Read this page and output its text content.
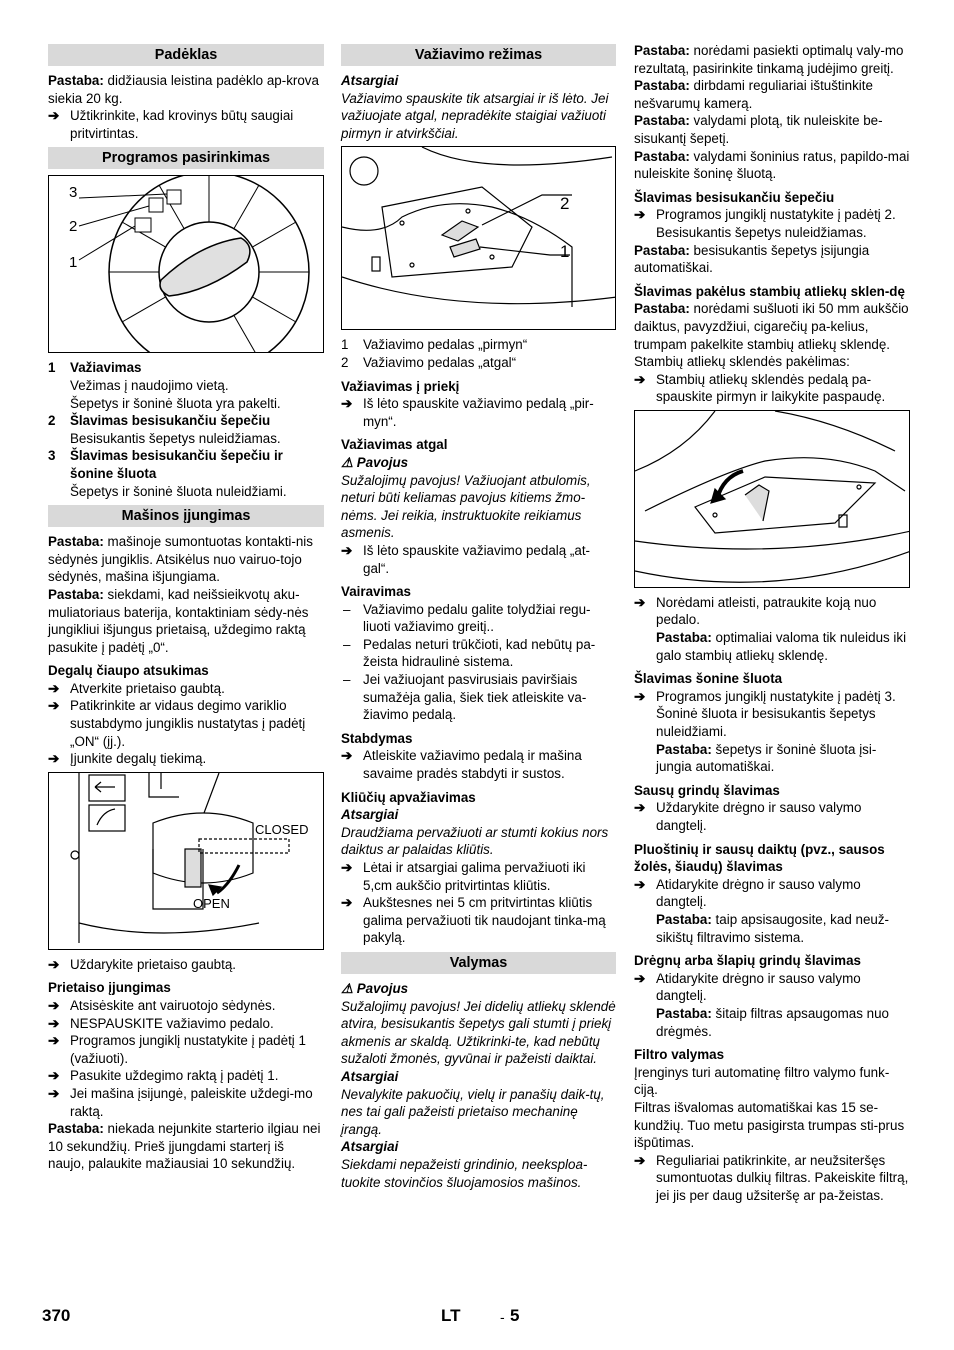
Padėklas

Pastaba: didžiausia leistina padėklo ap-krova siekia 20 kg.

➔ Užtikrinkite, kad krovinys būtų saugiai pritvirtintas.

Programos pasirinkimas
3
2
1
1 Važiavimas

Vežimas į naudojimo vietą.

Šepetys ir šoninė šluota yra pakelti.

2 Šlavimas besisukančiu šepečiu

Besisukantis šepetys nuleidžiamas.

3 Šlavimas besisukančiu šepečiu ir šonine šluota

Šepetys ir šoninė šluota nuleidžiami.

Mašinos įjungimas

Pastaba: mašinoje sumontuotas kontakti-nis sėdynės jungiklis. Atsikėlus nuo vairuo-tojo sėdynės, mašina išjungiama.

Pastaba: siekdami, kad neišsieikvotų aku-muliatoriaus baterija, kontaktiniam sėdy-nės jungikliui išjungus prietaisą, uždegimo raktą pasukite į padėtį „0“.

Degalų čiaupo atsukimas

➔ Atverkite prietaiso gaubtą.

➔ Patikrinkite ar vidaus degimo variklio sustabdymo jungiklis nustatytas į padėtį „ON“ (įj.).

➔ Įjunkite degalų tiekimą.

CLOSED
OPEN

➔ Uždarykite prietaiso gaubtą.

Prietaiso įjungimas

➔ Atsisėskite ant vairuotojo sėdynės.

➔ NESPAUSKITE važiavimo pedalo.

➔ Programos jungiklį nustatykite į padėtį 1 (važiuoti).

➔ Pasukite uždegimo raktą į padėtį 1.

➔ Jei mašina įsijungė, paleiskite uždegi-mo raktą.

Pastaba: niekada nejunkite starterio ilgiau nei 10 sekundžių. Prieš įjungdami starterį iš naujo, palaukite mažiausiai 10 sekundžių.

Važiavimo režimas

Atsargiai

Važiavimo spauskite tik atsargiai ir iš lėto. Jei važiuojate atgal, nepradėkite staigiai važiuoti pirmyn ir atvirkščiai.

2
1
1 Važiavimo pedalas „pirmyn“
2 Važiavimo pedalas „atgal“

Važiavimas į priekį

➔ Iš lėto spauskite važiavimo pedalą „pir-myn“.

Važiavimas atgal

⚠ Pavojus

Sužalojimų pavojus! Važiuojant atbulomis, neturi būti keliamas pavojus kitiems žmo-nėms. Jei reikia, instruktuokite reikiamus asmenis.

➔ Iš lėto spauskite važiavimo pedalą „at-gal“.

Vairavimas

– Važiavimo pedalu galite tolydžiai regu-liuoti važiavimo greitį..

– Pedalas neturi trūkčioti, kad nebūtų pa-žeista hidraulinė sistema.

– Jei važiuojant pasvirusiais paviršiais sumažėja galia, šiek tiek atleiskite va-žiavimo pedalą.

Stabdymas

➔ Atleiskite važiavimo pedalą ir mašina savaime pradės stabdyti ir sustos.

Kliūčių apvažiavimas

Atsargiai

Draudžiama pervažiuoti ar stumti kokius nors daiktus ar palaidas kliūtis.

➔ Lėtai ir atsargiai galima pervažiuoti iki 5,cm aukščio pritvirtintas kliūtis.

➔ Aukštesnes nei 5 cm pritvirtintas kliūtis galima pervažiuoti tik naudojant tinka-mą pakylą.

Valymas

⚠ Pavojus

Sužalojimų pavojus! Jei didelių atliekų sklendė atvira, besisukantis šepetys gali stumti į priekį akmenis ar skaldą. Užtikrinki-te, kad nebūtų sužaloti žmonės, gyvūnai ir pažeisti daiktai.

Atsargiai

Nevalykite pakuočių, vielų ir panašių daik-tų, nes tai gali pažeisti prietaiso mechaninę įrangą.

Atsargiai

Siekdami nepažeisti grindinio, neeksploa-tuokite stovinčios šluojamosios mašinos.

Pastaba: norėdami pasiekti optimalų valy-mo rezultatą, pasirinkite tinkamą judėjimo greitį.

Pastaba: dirbdami reguliariai ištuštinkite nešvarumų kamerą.

Pastaba: valydami plotą, tik nuleiskite be-sisukantį šepetį.

Pastaba: valydami šoninius ratus, papildo-mai nuleiskite šoninę šluotą.

Šlavimas besisukančiu šepečiu

➔ Programos jungiklį nustatykite į padėtį 2. Besisukantis šepetys nuleidžiamas.

Pastaba: besisukantis šepetys įsijungia automatiškai.

Šlavimas pakėlus stambių atliekų sklen-dę

Pastaba: norėdami sušluoti iki 50 mm aukščio daiktus, pavyzdžiui, cigarečių pa-kelius, trumpam pakelkite stambių atliekų sklendę.

Stambių atliekų sklendės pakėlimas:

➔ Stambių atliekų sklendės pedalą pa-spauskite pirmyn ir laikykite paspaudę.

➔ Norėdami atleisti, patraukite koją nuo pedalo.

Pastaba: optimaliai valoma tik nuleidus iki galo stambių atliekų sklendę.

Šlavimas šonine šluota

➔ Programos jungiklį nustatykite į padėtį 3. Šoninė šluota ir besisukantis šepetys nuleidžiami.

Pastaba: šepetys ir šoninė šluota įsi-jungia automatiškai.

Sausų grindų šlavimas

➔ Uždarykite drėgno ir sauso valymo dangtelį.

Pluoštinių ir sausų daiktų (pvz., sausos žolės, šiaudų) šlavimas

➔ Atidarykite drėgno ir sauso valymo dangtelį.

Pastaba: taip apsisaugosite, kad neuž-sikištų filtravimo sistema.

Drėgnų arba šlapių grindų šlavimas

➔ Atidarykite drėgno ir sauso valymo dangtelį.

Pastaba: šitaip filtras apsaugomas nuo drėgmės.

Filtro valymas

Įrenginys turi automatinę filtro valymo funk-ciją.

Filtras išvalomas automatiškai kas 15 se-kundžių. Tuo metu pasigirsta trumpas sti-prus išpūtimas.

➔ Reguliariai patikrinkite, ar neužsiteršęs sumontuotas dulkių filtras. Pakeiskite filtrą, jei jis per daug užsiteršę ar pa-žeistas.

370	LT	- 5
